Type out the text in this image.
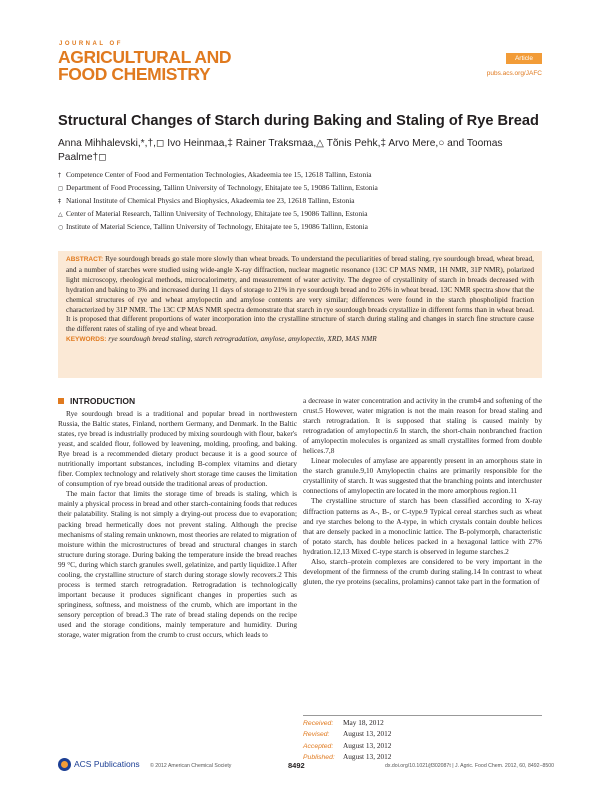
JOURNAL OF
AGRICULTURAL AND
FOOD CHEMISTRY
Article
pubs.acs.org/JAFC
Structural Changes of Starch during Baking and Staling of Rye Bread
Anna Mihhalevski,*,†,◻ Ivo Heinmaa,‡ Rainer Traksmaa,△ Tõnis Pehk,‡ Arvo Mere,○ and Toomas Paalme†◻
† Competence Center of Food and Fermentation Technologies, Akadeemia tee 15, 12618 Tallinn, Estonia
◻ Department of Food Processing, Tallinn University of Technology, Ehitajate tee 5, 19086 Tallinn, Estonia
‡ National Institute of Chemical Physics and Biophysics, Akadeemia tee 23, 12618 Tallinn, Estonia
△ Center of Material Research, Tallinn University of Technology, Ehitajate tee 5, 19086 Tallinn, Estonia
○ Institute of Material Science, Tallinn University of Technology, Ehitajate tee 5, 19086 Tallinn, Estonia
ABSTRACT: Rye sourdough breads go stale more slowly than wheat breads. To understand the peculiarities of bread staling, rye sourdough bread, wheat bread, and a number of starches were studied using wide-angle X-ray diffraction, nuclear magnetic resonance (13C CP MAS NMR, 1H NMR, 31P NMR), polarized light microscopy, rheological methods, microcalorimetry, and measurement of water activity. The degree of crystallinity of starch in breads decreased with hydration and baking to 3% and increased during 11 days of storage to 21% in rye sourdough bread and to 26% in wheat bread. 13C NMR spectra show that the chemical structures of rye and wheat amylopectin and amylose contents are very similar; differences were found in the starch phospholipid fraction characterized by 31P NMR. The 13C CP MAS NMR spectra demonstrate that starch in rye sourdough breads crystallize in different forms than in wheat bread. It is proposed that different proportions of water incorporation into the crystalline structure of starch during staling and changes in starch fine structure cause the different rates of staling of rye and wheat bread.
KEYWORDS: rye sourdough bread staling, starch retrogradation, amylose, amylopectin, XRD, MAS NMR
INTRODUCTION

Rye sourdough bread is a traditional and popular bread in northwestern Russia, the Baltic states, Finland, northern Germany, and Denmark. In the Baltic states, rye bread is industrially produced by mixing sourdough with flour, baker's yeast, and scalded flour, followed by leavening, molding, proofing, and baking. Rye bread is a recommended dietary product because it is a good source of nutritionally important substances, including B-complex vitamins and dietary fiber. Complex technology and relatively short storage time causes the limitation of consumption of rye bread outside the traditional areas of production.

The main factor that limits the storage time of breads is staling, which is mainly a physical process in bread and other starch-containing foods that reduces their palatability. Staling is not simply a drying-out process due to evaporation; packing bread hermetically does not prevent staling. Although the precise mechanisms of staling remain unknown, most theories are related to migration of moisture within the microstructures of bread and structural changes in starch structure during storage. During baking the temperature inside the bread reaches 99 °C, during which starch granules swell, gelatinize, and partly liquidize.1 After cooling, the crystalline structure of starch during storage slowly recovers.2 This process is termed starch retrogradation. Retrogradation is technologically important because it produces significant changes in properties such as springiness, softness, and moistness of the crumb, which are important in the sensory perception of bread.3 The rate of bread staling depends on the recipe used and the storage conditions, mainly temperature and humidity. During storage, water migration from the crumb to crust occurs, which leads to

a decrease in water concentration and activity in the crumb4 and softening of the crust.5 However, water migration is not the main reason for bread staling and starch retrogradation. It is supposed that staling is caused mainly by retrogradation of amylopectin.6 In starch, the short-chain nonbranched fraction of amylopectin molecules is organized as small crystallites formed from double helices.7,8

Linear molecules of amylase are apparently present in an amorphous state in the starch granule.9,10 Amylopectin chains are primarily responsible for the crystallinity of starch. It was suggested that the branching points and interchuster connections of amylopectin are located in the more amorphous region.11

The crystalline structure of starch has been classified according to X-ray diffraction patterns as A-, B-, or C-type.9 Typical cereal starches such as wheat and rye starches belong to the A-type, in which crystals contain double helices that are densely packed in a monoclinic lattice. The B-polymorph, characteristic of potato starch, has double helices packed in a hexagonal lattice with 27% hydration.12,13 Mixed C-type starch is observed in legume starches.2

Also, starch–protein complexes are considered to be very important in the development of the firmness of the crumb during staling.14 In contrast to wheat gluten, the rye proteins (secalins, prolamins) cannot take part in the formation of

Received: May 18, 2012
Revised: August 13, 2012
Accepted: August 13, 2012
Published: August 13, 2012
ACS Publications © 2012 American Chemical Society	8492	dx.doi.org/10.1021/jf302087t | J. Agric. Food Chem. 2012, 60, 8492−8500
